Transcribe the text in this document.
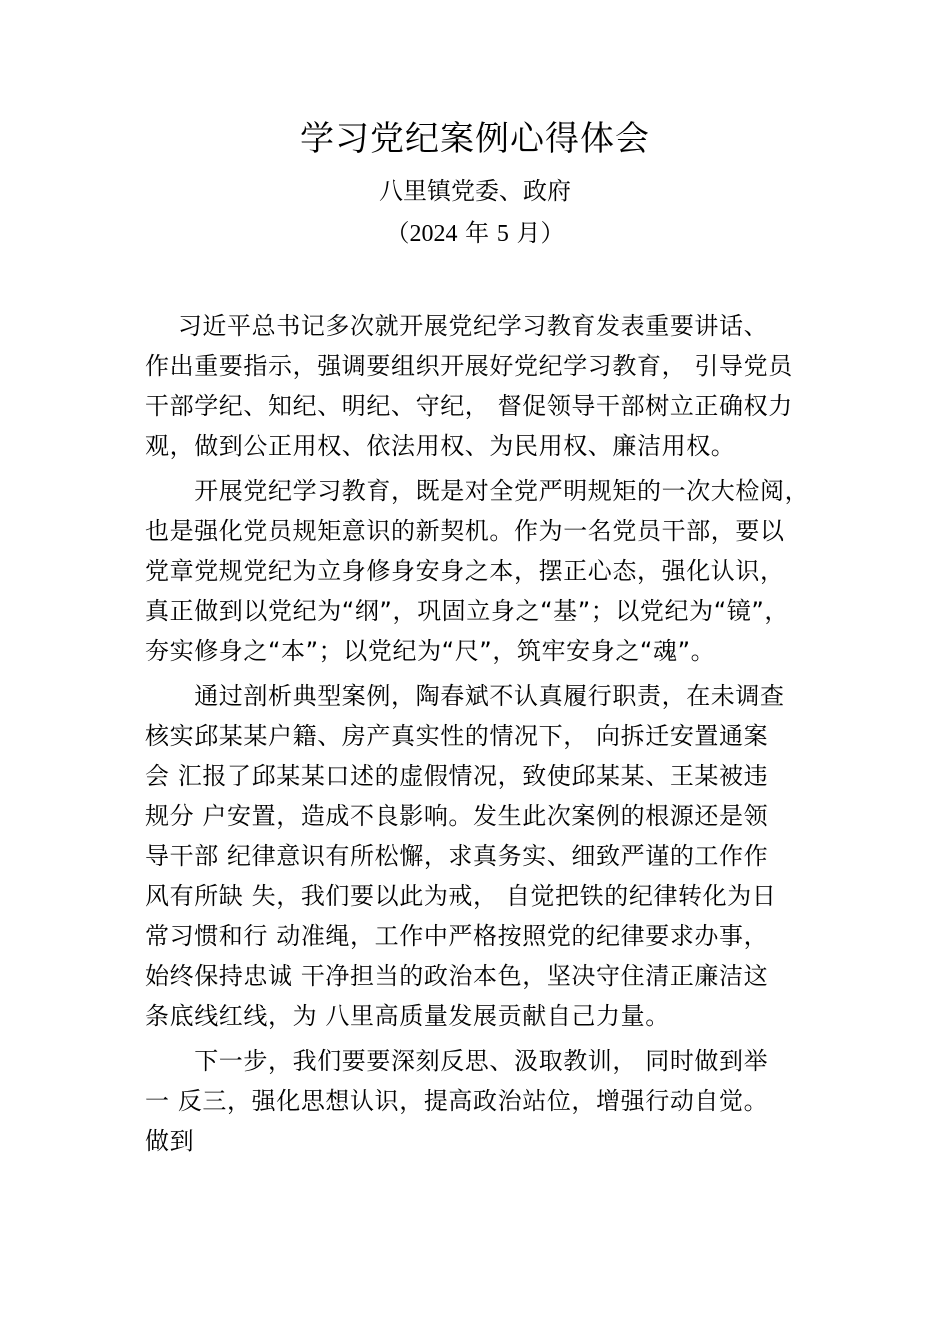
学习党纪案例心得体会
八里镇党委、政府
（2024 年 5 月）
　 习近平总书记多次就开展党纪学习教育发表重要讲话、
作出重要指示，强调要组织开展好党纪学习教育， 引导党员
干部学纪、知纪、明纪、守纪， 督促领导干部树立正确权力
观，做到公正用权、依法用权、为民用权、廉洁用权。
　　开展党纪学习教育，既是对全党严明规矩的一次大检阅，
也是强化党员规矩意识的新契机。作为一名党员干部，要以
党章党规党纪为立身修身安身之本，摆正心态，强化认识，
真正做到以党纪为“纲”，巩固立身之“基”；以党纪为“镜”，
夯实修身之“本”；以党纪为“尺”，筑牢安身之“魂”。
　　通过剖析典型案例，陶春斌不认真履行职责，在未调查
核实邱某某户籍、房产真实性的情况下， 向拆迁安置通案
会 汇报了邱某某口述的虚假情况，致使邱某某、王某被违
规分 户安置，造成不良影响。发生此次案例的根源还是领
导干部 纪律意识有所松懈，求真务实、细致严谨的工作作
风有所缺 失，我们要以此为戒， 自觉把铁的纪律转化为日
常习惯和行 动准绳，工作中严格按照党的纪律要求办事，
始终保持忠诚 干净担当的政治本色，坚决守住清正廉洁这
条底线红线，为 八里高质量发展贡献自己力量。
　　下一步，我们要要深刻反思、汲取教训， 同时做到举
一 反三，强化思想认识，提高政治站位，增强行动自觉。
做到
